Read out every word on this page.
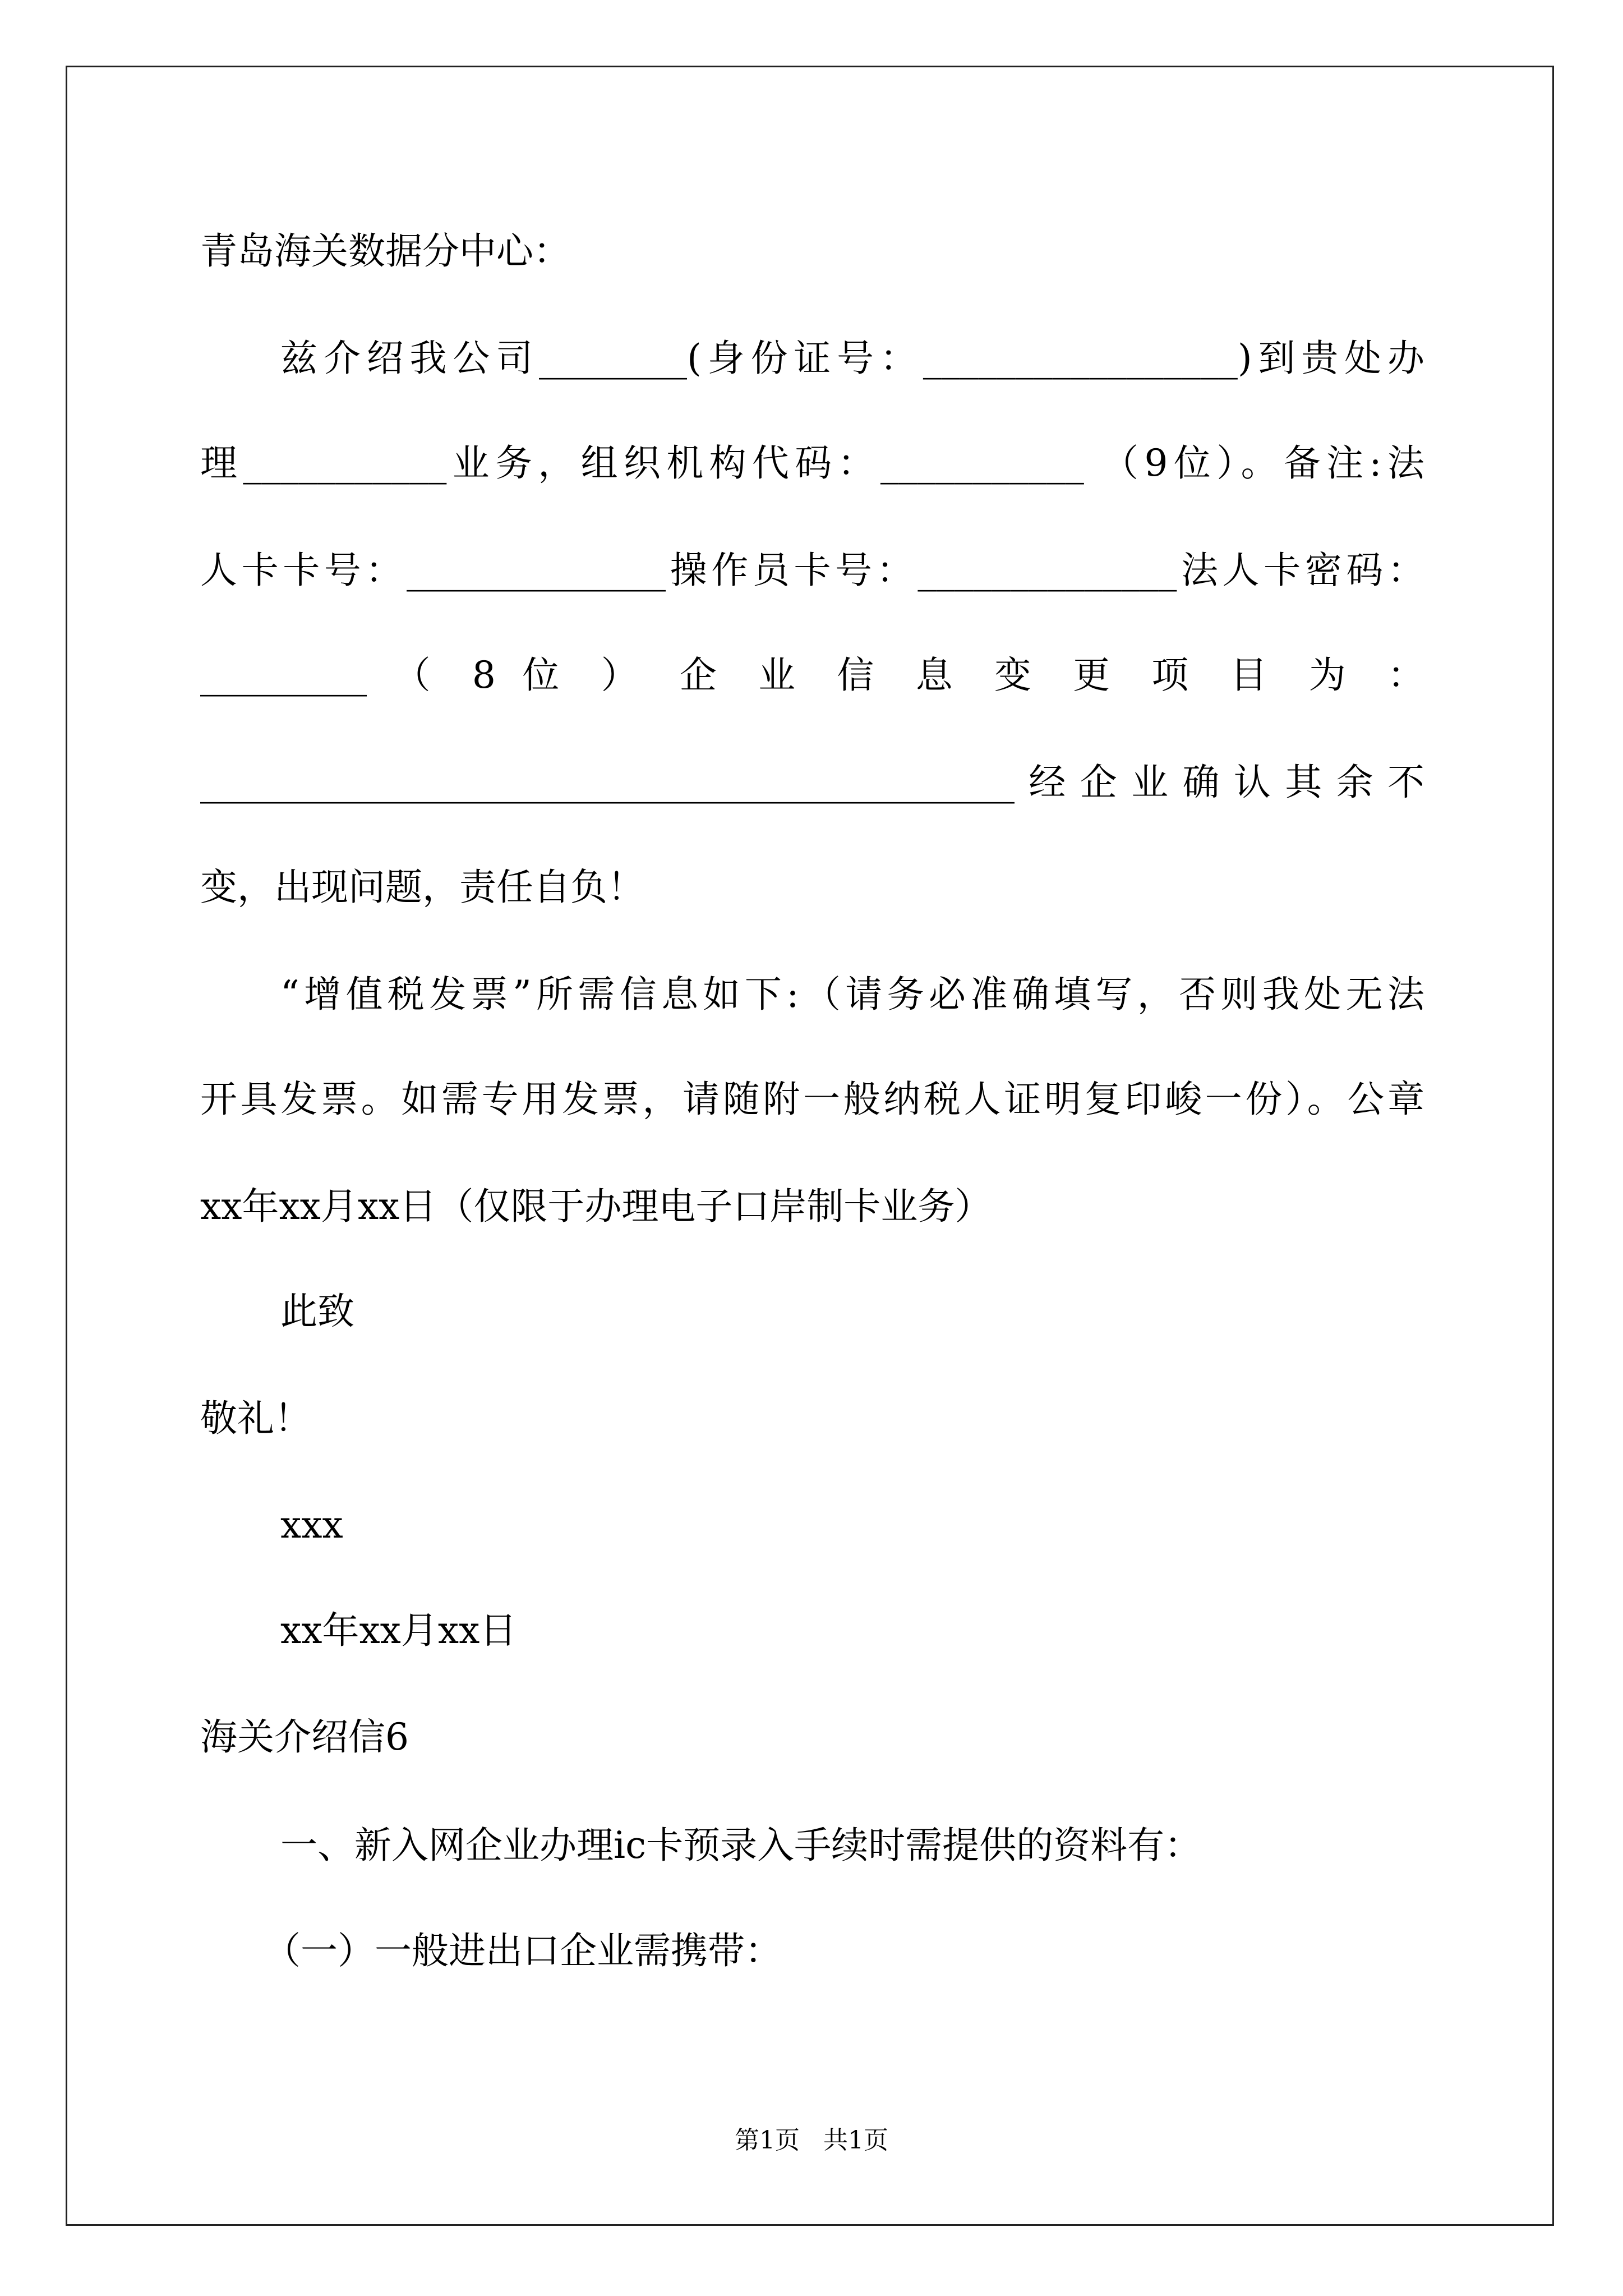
青岛海关数据分中心：
兹介绍我公司________(身份证号：_________________)到贵处办
理___________业务，组织机构代码：___________ （9位）。备注:法
人卡卡号：______________操作员卡号：______________法人卡密码：
_________ （ 8 位 ） 企 业 信 息 变 更 项 目 为 ：
____________________________________________经企业确认其余不
变，出现问题，责任自负！
“增值税发票”所需信息如下:（请务必准确填写，否则我处无法
开具发票。如需专用发票，请随附一般纳税人证明复印峻一份）。公章
xx年xx月xx日（仅限于办理电子口岸制卡业务）
此致
敬礼！
xxx
xx年xx月xx日
海关介绍信6
一、新入网企业办理ic卡预录入手续时需提供的资料有：
（一）一般进出口企业需携带：
第1页   共1页
